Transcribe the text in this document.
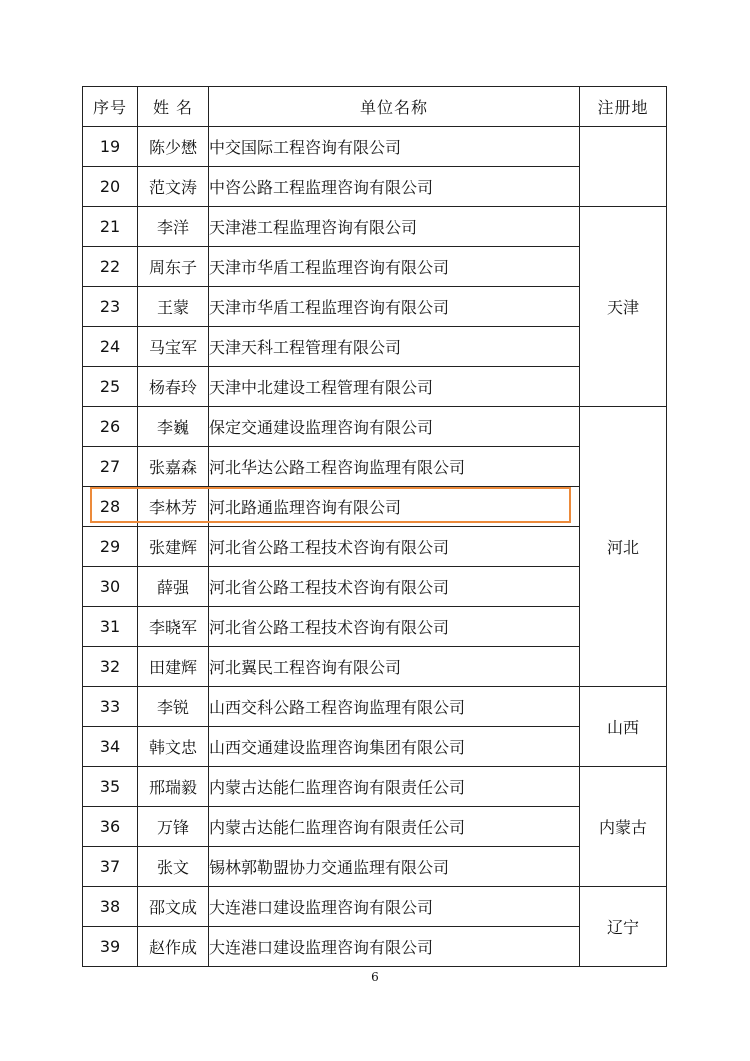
序号	姓 名	单位名称	注册地
19	陈少懋	中交国际工程咨询有限公司	
20	范文涛	中咨公路工程监理咨询有限公司	
21	李洋	天津港工程监理咨询有限公司	天津
22	周东子	天津市华盾工程监理咨询有限公司	
23	王蒙	天津市华盾工程监理咨询有限公司	
24	马宝军	天津天科工程管理有限公司	
25	杨春玲	天津中北建设工程管理有限公司	
26	李巍	保定交通建设监理咨询有限公司	河北
27	张嘉森	河北华达公路工程咨询监理有限公司	
28	李林芳	河北路通监理咨询有限公司	
29	张建辉	河北省公路工程技术咨询有限公司	
30	薛强	河北省公路工程技术咨询有限公司	
31	李晓军	河北省公路工程技术咨询有限公司	
32	田建辉	河北翼民工程咨询有限公司	
33	李锐	山西交科公路工程咨询监理有限公司	山西
34	韩文忠	山西交通建设监理咨询集团有限公司	
35	邢瑞毅	内蒙古达能仁监理咨询有限责任公司	内蒙古
36	万锋	内蒙古达能仁监理咨询有限责任公司	
37	张文	锡林郭勒盟协力交通监理有限公司	
38	邵文成	大连港口建设监理咨询有限公司	辽宁
39	赵作成	大连港口建设监理咨询有限公司	
6
